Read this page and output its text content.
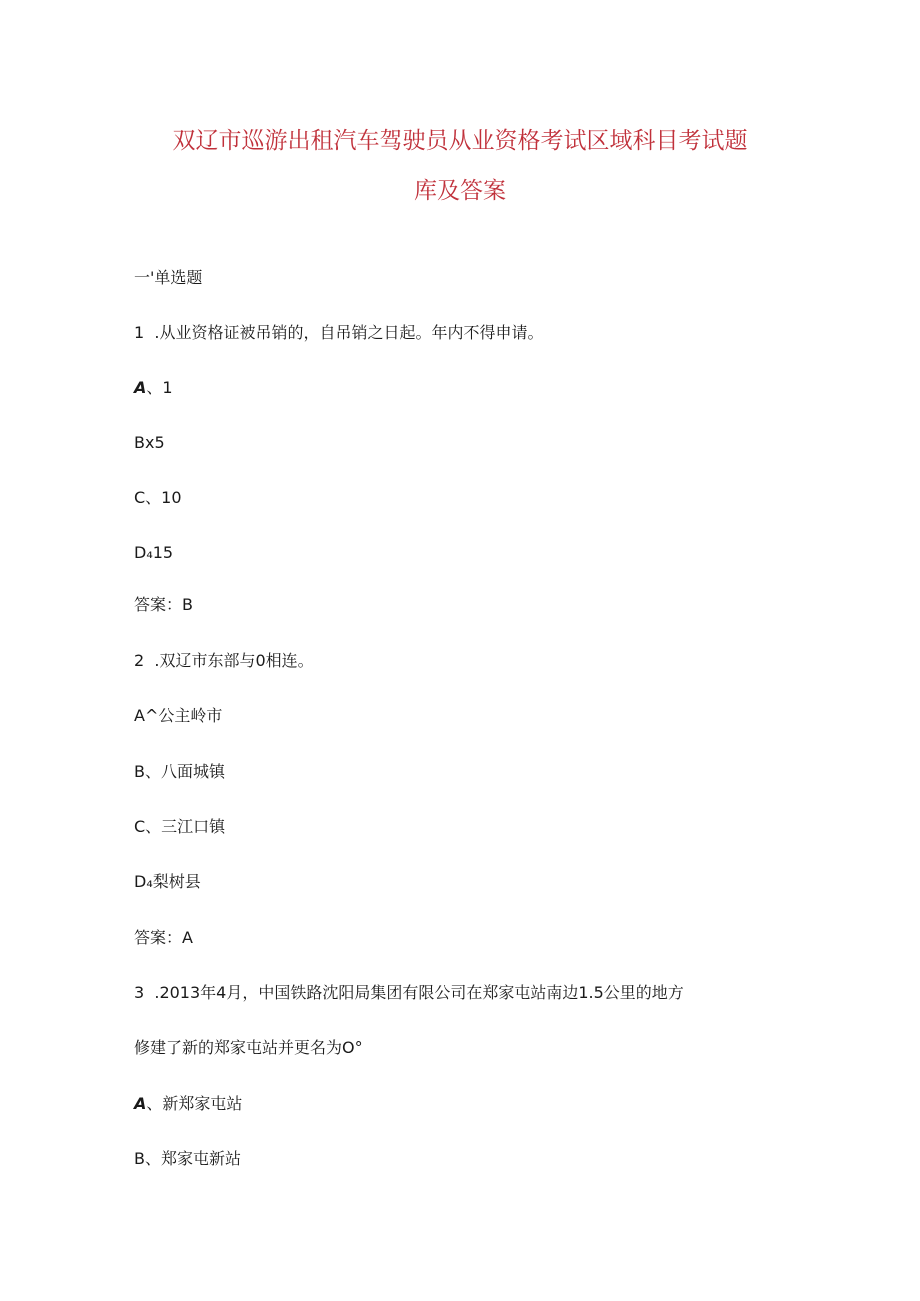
双辽市巡游出租汽车驾驶员从业资格考试区域科目考试题
库及答案
一'单选题
1  .从业资格证被吊销的，自吊销之日起。年内不得申请。
A、1
Bx5
C、10
D₄15
答案：B
2  .双辽市东部与0相连。
A^公主岭市
B、八面城镇
C、三江口镇
D₄梨树县
答案：A
3  .2013年4月，中国铁路沈阳局集团有限公司在郑家屯站南边1.5公里的地方
修建了新的郑家屯站并更名为O°
A、新郑家屯站
B、郑家屯新站
